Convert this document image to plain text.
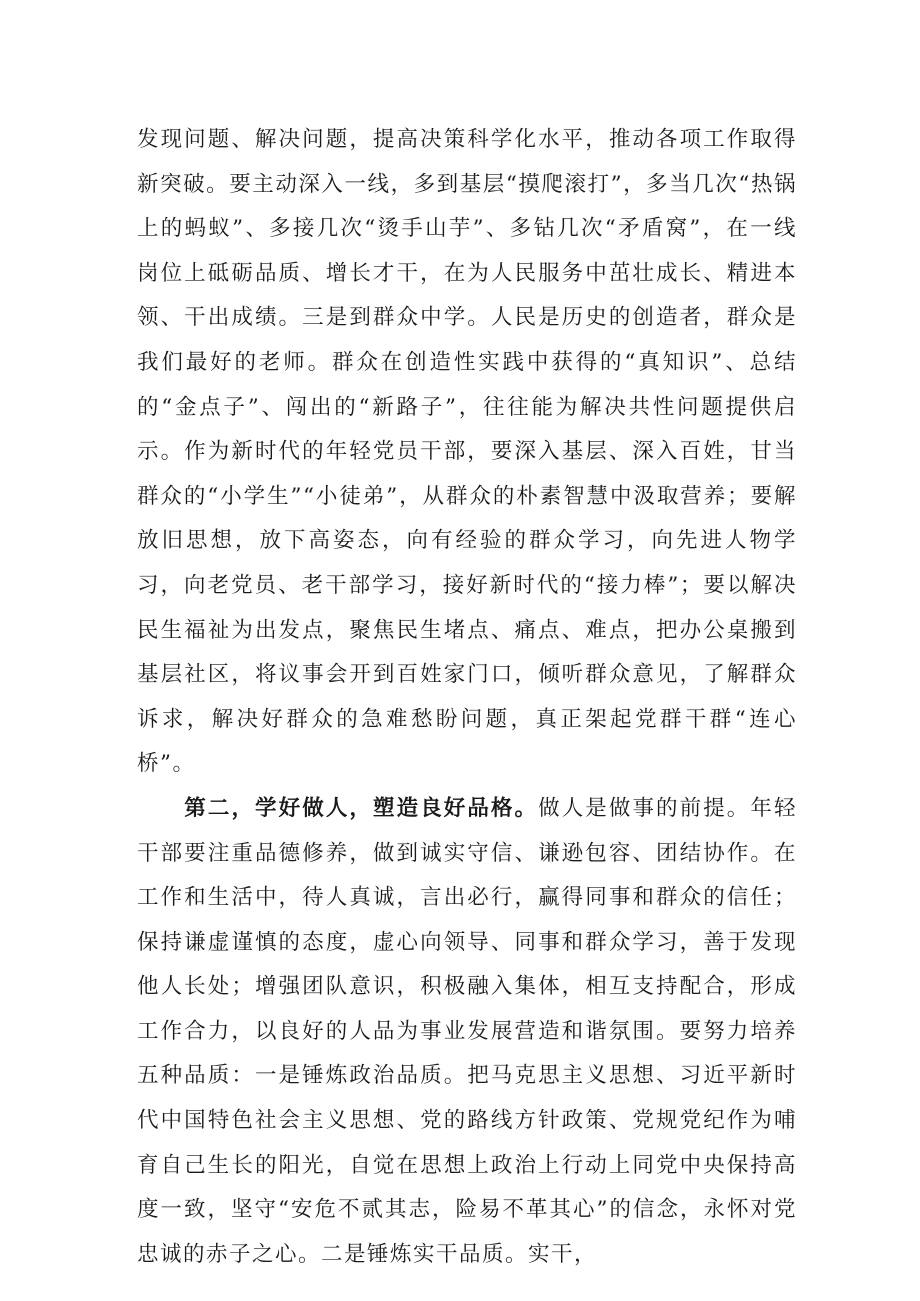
发现问题、解决问题，提高决策科学化水平，推动各项工作取得新突破。要主动深入一线，多到基层“摸爬滚打”，多当几次“热锅上的蚂蚁”、多接几次“烫手山芋”、多钻几次“矛盾窝”，在一线岗位上砥砺品质、增长才干，在为人民服务中茁壮成长、精进本领、干出成绩。三是到群众中学。人民是历史的创造者，群众是我们最好的老师。群众在创造性实践中获得的“真知识”、总结的“金点子”、闯出的“新路子”，往往能为解决共性问题提供启示。作为新时代的年轻党员干部，要深入基层、深入百姓，甘当群众的“小学生”“小徒弟”，从群众的朴素智慧中汲取营养；要解放旧思想，放下高姿态，向有经验的群众学习，向先进人物学习，向老党员、老干部学习，接好新时代的“接力棒”；要以解决民生福祉为出发点，聚焦民生堵点、痛点、难点，把办公桌搬到基层社区，将议事会开到百姓家门口，倾听群众意见，了解群众诉求，解决好群众的急难愁盼问题，真正架起党群干群“连心桥”。

第二，学好做人，塑造良好品格。做人是做事的前提。年轻干部要注重品德修养，做到诚实守信、谦逊包容、团结协作。在工作和生活中，待人真诚，言出必行，赢得同事和群众的信任；保持谦虚谨慎的态度，虚心向领导、同事和群众学习，善于发现他人长处；增强团队意识，积极融入集体，相互支持配合，形成工作合力，以良好的人品为事业发展营造和谐氛围。要努力培养五种品质：一是锤炼政治品质。把马克思主义思想、习近平新时代中国特色社会主义思想、党的路线方针政策、党规党纪作为哺育自己生长的阳光，自觉在思想上政治上行动上同党中央保持高度一致，坚守“安危不贰其志，险易不革其心”的信念，永怀对党忠诚的赤子之心。二是锤炼实干品质。实干，
